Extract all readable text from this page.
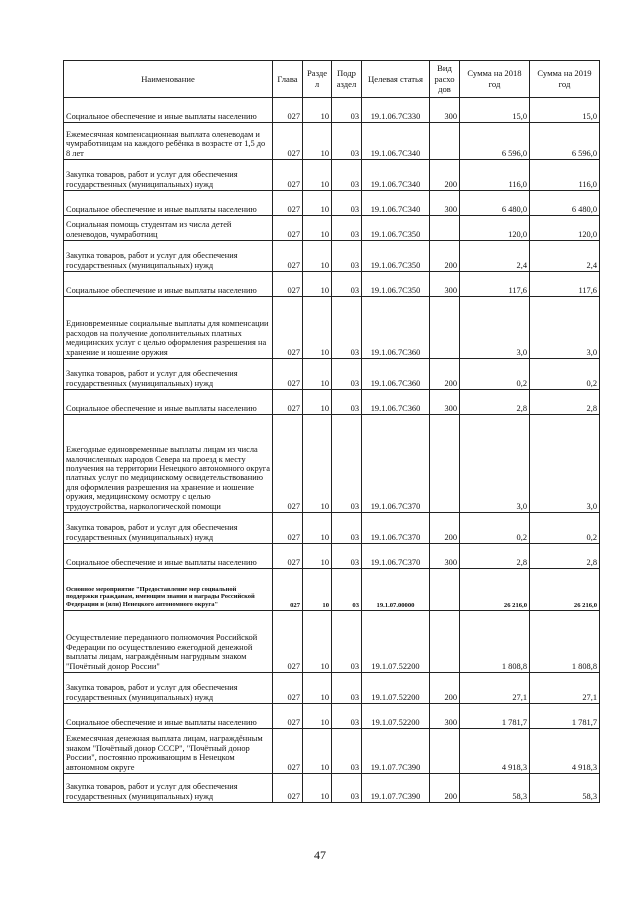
Наименование	Глава	Разде л	Подр аздел	Целевая статья	Вид расхо дов	Сумма на 2018 год	Сумма на 2019 год
Социальное обеспечение и иные выплаты населению	027	10	03	19.1.06.7С330	300	15,0	15,0
Ежемесячная компенсационная выплата оленеводам и чумработницам на каждого ребёнка в возрасте от 1,5 до 8 лет	027	10	03	19.1.06.7С340		6 596,0	6 596,0
Закупка товаров, работ и услуг для обеспечения государственных (муниципальных) нужд	027	10	03	19.1.06.7С340	200	116,0	116,0
Социальное обеспечение и иные выплаты населению	027	10	03	19.1.06.7С340	300	6 480,0	6 480,0
Социальная помощь студентам из числа детей оленеводов, чумработниц	027	10	03	19.1.06.7С350		120,0	120,0
Закупка товаров, работ и услуг для обеспечения государственных (муниципальных) нужд	027	10	03	19.1.06.7С350	200	2,4	2,4
Социальное обеспечение и иные выплаты населению	027	10	03	19.1.06.7С350	300	117,6	117,6
Единовременные социальные выплаты для компенсации расходов на получение дополнительных платных медицинских услуг с целью оформления разрешения на хранение и ношение оружия	027	10	03	19.1.06.7С360		3,0	3,0
Закупка товаров, работ и услуг для обеспечения государственных (муниципальных) нужд	027	10	03	19.1.06.7С360	200	0,2	0,2
Социальное обеспечение и иные выплаты населению	027	10	03	19.1.06.7С360	300	2,8	2,8
Ежегодные единовременные выплаты лицам из числа малочисленных народов Севера на проезд к месту получения на территории Ненецкого автономного округа платных услуг по медицинскому освидетельствованию для оформления разрешения на хранение и ношение оружия, медицинскому осмотру с целью трудоустройства, наркологической помощи	027	10	03	19.1.06.7С370		3,0	3,0
Закупка товаров, работ и услуг для обеспечения государственных (муниципальных) нужд	027	10	03	19.1.06.7С370	200	0,2	0,2
Социальное обеспечение и иные выплаты населению	027	10	03	19.1.06.7С370	300	2,8	2,8
Основное мероприятие "Предоставление мер социальной поддержки гражданам, имеющим звания и награды Российской Федерации и (или) Ненецкого автономного округа"	027	10	03	19.1.07.00000		26 216,0	26 216,0
Осуществление переданного полномочия Российской Федерации по осуществлению ежегодной денежной выплаты лицам, награждённым нагрудным знаком "Почётный донор России"	027	10	03	19.1.07.52200		1 808,8	1 808,8
Закупка товаров, работ и услуг для обеспечения государственных (муниципальных) нужд	027	10	03	19.1.07.52200	200	27,1	27,1
Социальное обеспечение и иные выплаты населению	027	10	03	19.1.07.52200	300	1 781,7	1 781,7
Ежемесячная денежная выплата лицам, награждённым знаком "Почётный донор СССР", "Почётный донор России", постоянно проживающим в Ненецком автономном округе	027	10	03	19.1.07.7С390		4 918,3	4 918,3
Закупка товаров, работ и услуг для обеспечения государственных (муниципальных) нужд	027	10	03	19.1.07.7С390	200	58,3	58,3
47
